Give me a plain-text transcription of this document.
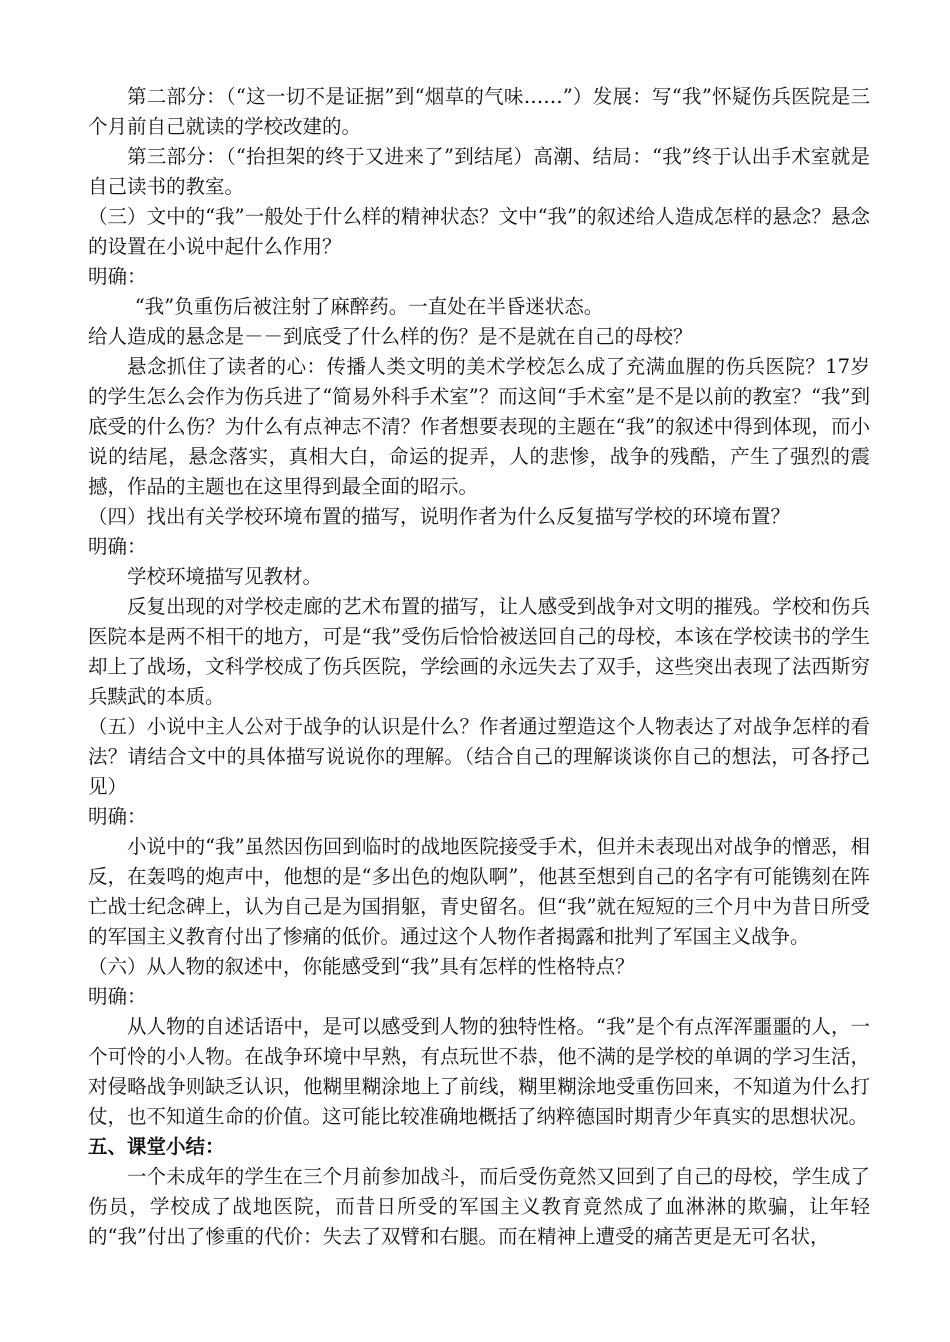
第二部分：（“这一切不是证据”到“烟草的气味……”）发展：写“我”怀疑伤兵医院是三个月前自己就读的学校改建的。

第三部分：（“抬担架的终于又进来了”到结尾）高潮、结局：“我”终于认出手术室就是自己读书的教室。

（三）文中的“我”一般处于什么样的精神状态？文中“我”的叙述给人造成怎样的悬念？悬念的设置在小说中起什么作用？

明确：

“我”负重伤后被注射了麻醉药。一直处在半昏迷状态。

给人造成的悬念是－－到底受了什么样的伤？是不是就在自己的母校？

悬念抓住了读者的心：传播人类文明的美术学校怎么成了充满血腥的伤兵医院？17岁的学生怎么会作为伤兵进了“简易外科手术室”？而这间“手术室”是不是以前的教室？“我”到底受的什么伤？为什么有点神志不清？作者想要表现的主题在“我”的叙述中得到体现，而小说的结尾，悬念落实，真相大白，命运的捉弄，人的悲惨，战争的残酷，产生了强烈的震撼，作品的主题也在这里得到最全面的昭示。

（四）找出有关学校环境布置的描写，说明作者为什么反复描写学校的环境布置？

明确：

学校环境描写见教材。

反复出现的对学校走廊的艺术布置的描写，让人感受到战争对文明的摧残。学校和伤兵医院本是两不相干的地方，可是“我”受伤后恰恰被送回自己的母校，本该在学校读书的学生却上了战场，文科学校成了伤兵医院，学绘画的永远失去了双手，这些突出表现了法西斯穷兵黩武的本质。

（五）小说中主人公对于战争的认识是什么？作者通过塑造这个人物表达了对战争怎样的看法？请结合文中的具体描写说说你的理解。（结合自己的理解谈谈你自己的想法，可各抒己见）

明确：

小说中的“我”虽然因伤回到临时的战地医院接受手术，但并未表现出对战争的憎恶，相反，在轰鸣的炮声中，他想的是“多出色的炮队啊”，他甚至想到自己的名字有可能镌刻在阵亡战士纪念碑上，认为自己是为国捐躯，青史留名。但“我”就在短短的三个月中为昔日所受的军国主义教育付出了惨痛的低价。通过这个人物作者揭露和批判了军国主义战争。

（六）从人物的叙述中，你能感受到“我”具有怎样的性格特点？

明确：

从人物的自述话语中，是可以感受到人物的独特性格。“我”是个有点浑浑噩噩的人，一个可怜的小人物。在战争环境中早熟，有点玩世不恭，他不满的是学校的单调的学习生活，对侵略战争则缺乏认识，他糊里糊涂地上了前线，糊里糊涂地受重伤回来，不知道为什么打仗，也不知道生命的价值。这可能比较准确地概括了纳粹德国时期青少年真实的思想状况。

五、课堂小结：

一个未成年的学生在三个月前参加战斗，而后受伤竟然又回到了自己的母校，学生成了伤员，学校成了战地医院，而昔日所受的军国主义教育竟然成了血淋淋的欺骗，让年轻的“我”付出了惨重的代价：失去了双臂和右腿。而在精神上遭受的痛苦更是无可名状，
